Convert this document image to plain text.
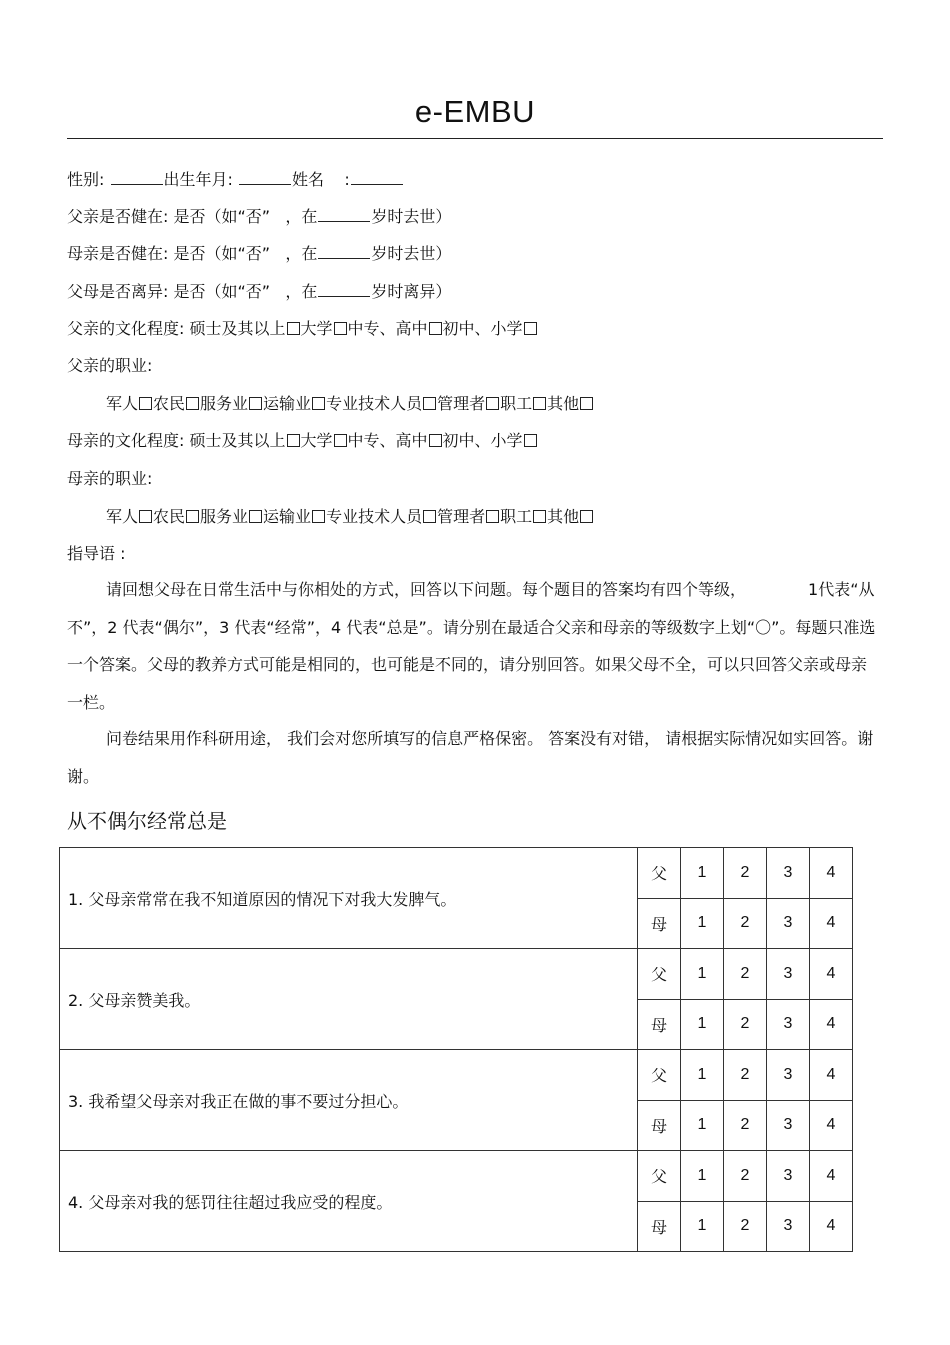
e-EMBU
性别:	出生年月:	姓名 :
父亲是否健在: 是否（如“否” ，在	岁时去世）
母亲是否健在: 是否（如“否” ，在	岁时去世）
父母是否离异: 是否（如“否” ，在	岁时离异）
父亲的文化程度: 硕士及其以上 大学 中专、高中 初中、小学
父亲的职业:
军人 农民 服务业 运输业 专业技术人员 管理者 职工 其他
母亲的文化程度: 硕士及其以上 大学 中专、高中 初中、小学
母亲的职业:
军人 农民 服务业 运输业 专业技术人员 管理者 职工 其他
指导语 :
请回想父母在日常生活中与你相处的方式，回答以下问题。每个题目的答案均有四个等级，	1代表“从不”，2 代表“偶尔”，3 代表“经常”，4 代表“总是”。请分别在最适合父亲和母亲的等级数字上划“〇”。每题只准选一个答案。父母的教养方式可能是相同的，也可能是不同的，请分别回答。如果父母不全，可以只回答父亲或母亲一栏。
问卷结果用作科研用途， 我们会对您所填写的信息严格保密。 答案没有对错， 请根据实际情况如实回答。谢谢。
从不偶尔经常总是
1. 父母亲常常在我不知道原因的情况下对我大发脾气。	父	1	2	3	4
	母	1	2	3	4
2. 父母亲赞美我。	父	1	2	3	4
	母	1	2	3	4
3. 我希望父母亲对我正在做的事不要过分担心。	父	1	2	3	4
	母	1	2	3	4
4. 父母亲对我的惩罚往往超过我应受的程度。	父	1	2	3	4
	母	1	2	3	4
